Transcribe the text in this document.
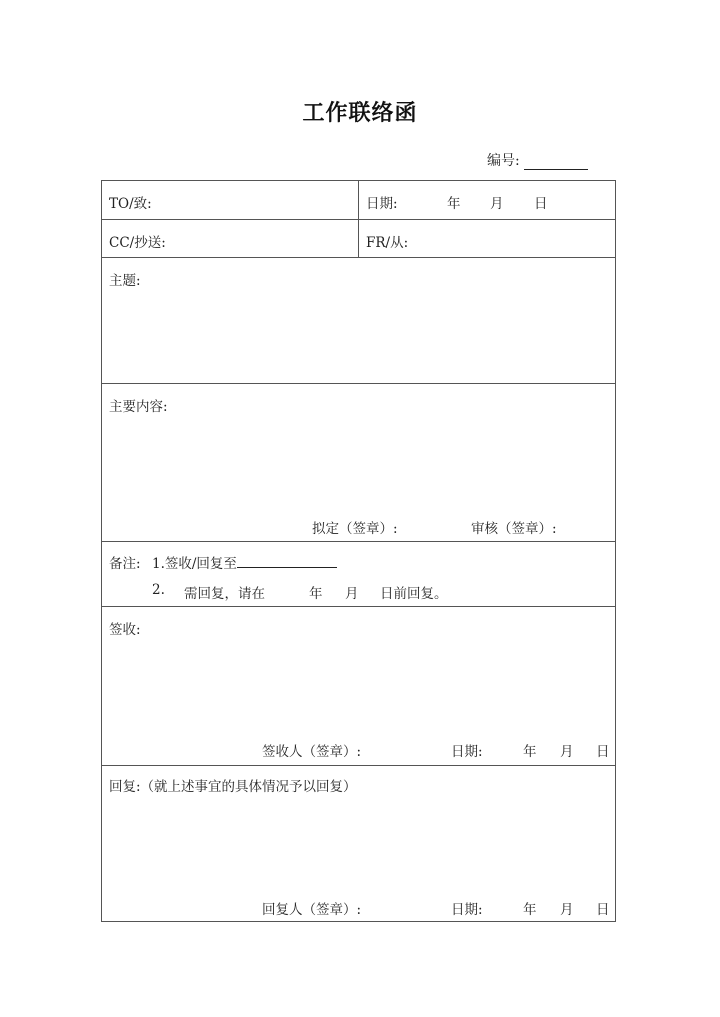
工作联络函
编号:
TO/致:	日期:	年 月 日
CC/抄送:	FR/从:
主题:
主要内容:
拟定（签章）:	审核（签章）:
备注: 1.签收/回复至
2. 需回复，请在	年 月 日前回复。
签收:
签收人（签章）:	日期:	年 月 日
回复:（就上述事宜的具体情况予以回复）
回复人（签章）:	日期:	年 月 日
